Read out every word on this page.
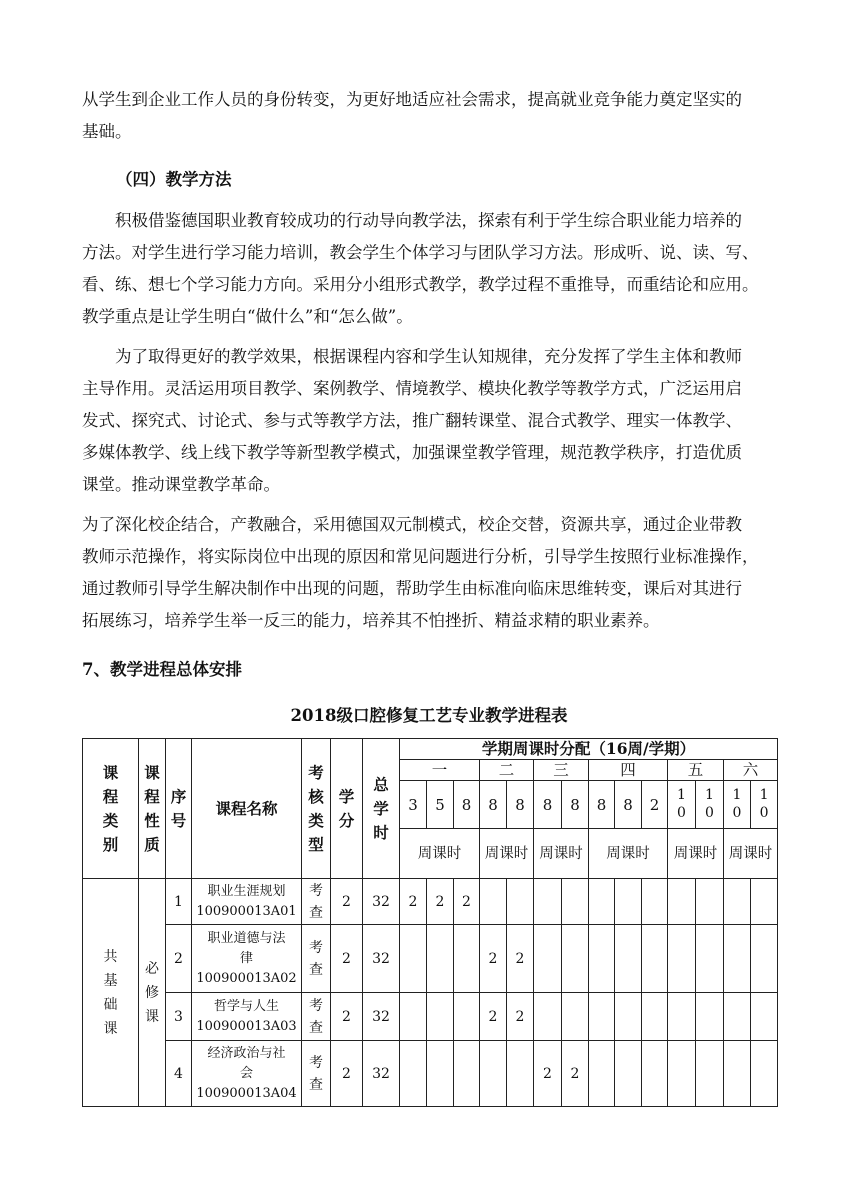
从学生到企业工作人员的身份转变，为更好地适应社会需求，提高就业竞争能力奠定坚实的
基础。

（四）教学方法

积极借鉴德国职业教育较成功的行动导向教学法，探索有利于学生综合职业能力培养的
方法。对学生进行学习能力培训，教会学生个体学习与团队学习方法。形成听、说、读、写、
看、练、想七个学习能力方向。采用分小组形式教学，教学过程不重推导，而重结论和应用。
教学重点是让学生明白“做什么”和“怎么做”。
为了取得更好的教学效果，根据课程内容和学生认知规律，充分发挥了学生主体和教师
主导作用。灵活运用项目教学、案例教学、情境教学、模块化教学等教学方式，广泛运用启
发式、探究式、讨论式、参与式等教学方法，推广翻转课堂、混合式教学、理实一体教学、
多媒体教学、线上线下教学等新型教学模式，加强课堂教学管理，规范教学秩序，打造优质
课堂。推动课堂教学革命。
为了深化校企结合，产教融合，采用德国双元制模式，校企交替，资源共享，通过企业带教
教师示范操作，将实际岗位中出现的原因和常见问题进行分析，引导学生按照行业标准操作，
通过教师引导学生解决制作中出现的问题，帮助学生由标准向临床思维转变，课后对其进行
拓展练习，培养学生举一反三的能力，培养其不怕挫折、精益求精的职业素养。

7、教学进程总体安排

2018级口腔修复工艺专业教学进程表

课程类别	课程性质	序号	课程名称	考核类型	学分	总学时	学期周课时分配（16周/学期）													
							一			二		三		四			五		六	
							3	5	8	8	8	8	8	8	8	2	10	10	10	10
							周课时			周课时		周课时		周课时			周课时		周课时	
共基础课	必修课	1	职业生涯规划
100900013A01	考查	2	32	2	2	2											
		2	职业道德与法
律
100900013A02	考查	2	32				2	2									
		3	哲学与人生
100900013A03	考查	2	32				2	2									
		4	经济政治与社
会
100900013A04	考查	2	32						2	2							
